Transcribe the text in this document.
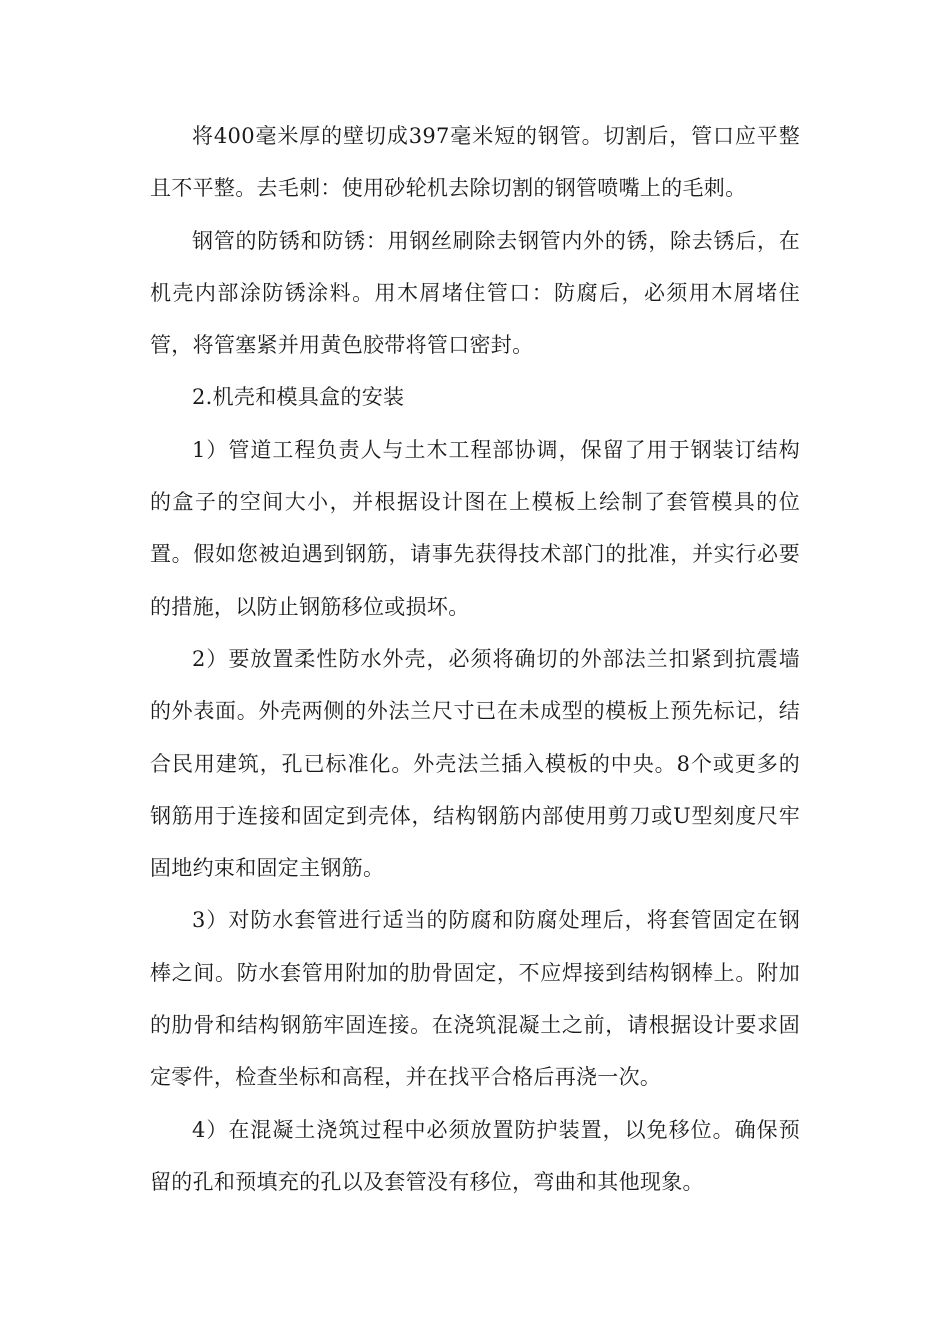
将400毫米厚的壁切成397毫米短的钢管。切割后，管口应平整且不平整。去毛刺：使用砂轮机去除切割的钢管喷嘴上的毛刺。

钢管的防锈和防锈：用钢丝刷除去钢管内外的锈，除去锈后，在机壳内部涂防锈涂料。用木屑堵住管口：防腐后，必须用木屑堵住管，将管塞紧并用黄色胶带将管口密封。

2.机壳和模具盒的安装

1）管道工程负责人与土木工程部协调，保留了用于钢装订结构的盒子的空间大小，并根据设计图在上模板上绘制了套管模具的位置。假如您被迫遇到钢筋，请事先获得技术部门的批准，并实行必要的措施，以防止钢筋移位或损坏。

2）要放置柔性防水外壳，必须将确切的外部法兰扣紧到抗震墙的外表面。外壳两侧的外法兰尺寸已在未成型的模板上预先标记，结合民用建筑，孔已标准化。外壳法兰插入模板的中央。8个或更多的钢筋用于连接和固定到壳体，结构钢筋内部使用剪刀或U型刻度尺牢固地约束和固定主钢筋。

3）对防水套管进行适当的防腐和防腐处理后，将套管固定在钢棒之间。防水套管用附加的肋骨固定，不应焊接到结构钢棒上。附加的肋骨和结构钢筋牢固连接。在浇筑混凝土之前，请根据设计要求固定零件，检查坐标和高程，并在找平合格后再浇一次。

4）在混凝土浇筑过程中必须放置防护装置，以免移位。确保预留的孔和预填充的孔以及套管没有移位，弯曲和其他现象。
